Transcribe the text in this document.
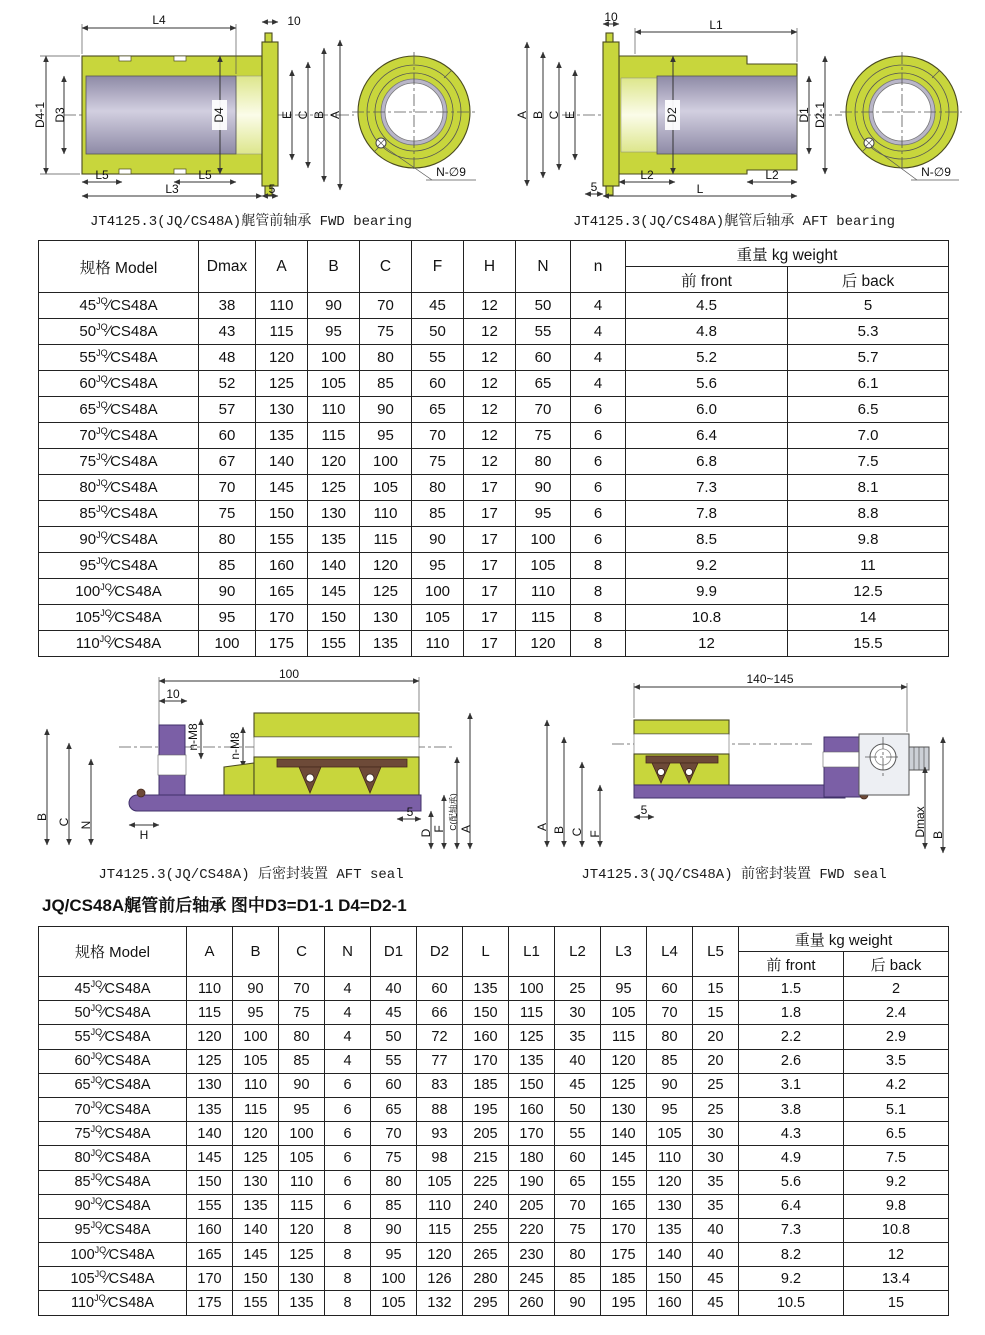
L4	10
D4-1 D3	D4	E C B A
L5	L5
L3	5
N-∅9
JT4125.3(JQ/CS48A)艉管前轴承 FWD bearing
10
L1
A B C E	D2	D1 D2-1
5
L2	L2
L
N-∅9
JT4125.3(JQ/CS48A)艉管后轴承 AFT bearing
规格 Model	Dmax	A	B	C	F	H	N	n	重量 kg weight	
									前 front	后 back
$45^{JQ}∕CS48A$	38	110	90	70	45	12	50	4	4.5	5
$50^{JQ}∕CS48A$	43	115	95	75	50	12	55	4	4.8	5.3
$55^{JQ}∕CS48A$	48	120	100	80	55	12	60	4	5.2	5.7
$60^{JQ}∕CS48A$	52	125	105	85	60	12	65	4	5.6	6.1
$65^{JQ}∕CS48A$	57	130	110	90	65	12	70	6	6.0	6.5
$70^{JQ}∕CS48A$	60	135	115	95	70	12	75	6	6.4	7.0
$75^{JQ}∕CS48A$	67	140	120	100	75	12	80	6	6.8	7.5
$80^{JQ}∕CS48A$	70	145	125	105	80	17	90	6	7.3	8.1
$85^{JQ}∕CS48A$	75	150	130	110	85	17	95	6	7.8	8.8
$90^{JQ}∕CS48A$	80	155	135	115	90	17	100	6	8.5	9.8
$95^{JQ}∕CS48A$	85	160	140	120	95	17	105	8	9.2	11
$100^{JQ}∕CS48A$	90	165	145	125	100	17	110	8	9.9	12.5
$105^{JQ}∕CS48A$	95	170	150	130	105	17	115	8	10.8	14
$110^{JQ}∕CS48A$	100	175	155	135	110	17	120	8	12	15.5
100
10
n-M8 n-M8
B
C N
H
5
D F C(配轴承) A
JT4125.3(JQ/CS48A) 后密封装置 AFT seal
140~145
A B C F
5	Dmax B
JT4125.3(JQ/CS48A) 前密封装置 FWD seal
JQ/CS48A艉管前后轴承 图中D3=D1-1 D4=D2-1
规格 Model	A	B	C	N	D1	D2	L	L1	L2	L3	L4	L5	重量 kg weight	
													前 front	后 back
$45^{JQ}∕CS48A$	110	90	70	4	40	60	135	100	25	95	60	15	1.5	2
$50^{JQ}∕CS48A$	115	95	75	4	45	66	150	115	30	105	70	15	1.8	2.4
$55^{JQ}∕CS48A$	120	100	80	4	50	72	160	125	35	115	80	20	2.2	2.9
$60^{JQ}∕CS48A$	125	105	85	4	55	77	170	135	40	120	85	20	2.6	3.5
$65^{JQ}∕CS48A$	130	110	90	6	60	83	185	150	45	125	90	25	3.1	4.2
$70^{JQ}∕CS48A$	135	115	95	6	65	88	195	160	50	130	95	25	3.8	5.1
$75^{JQ}∕CS48A$	140	120	100	6	70	93	205	170	55	140	105	30	4.3	6.5
$80^{JQ}∕CS48A$	145	125	105	6	75	98	215	180	60	145	110	30	4.9	7.5
$85^{JQ}∕CS48A$	150	130	110	6	80	105	225	190	65	155	120	35	5.6	9.2
$90^{JQ}∕CS48A$	155	135	115	6	85	110	240	205	70	165	130	35	6.4	9.8
$95^{JQ}∕CS48A$	160	140	120	8	90	115	255	220	75	170	135	40	7.3	10.8
$100^{JQ}∕CS48A$	165	145	125	8	95	120	265	230	80	175	140	40	8.2	12
$105^{JQ}∕CS48A$	170	150	130	8	100	126	280	245	85	185	150	45	9.2	13.4
$110^{JQ}∕CS48A$	175	155	135	8	105	132	295	260	90	195	160	45	10.5	15
